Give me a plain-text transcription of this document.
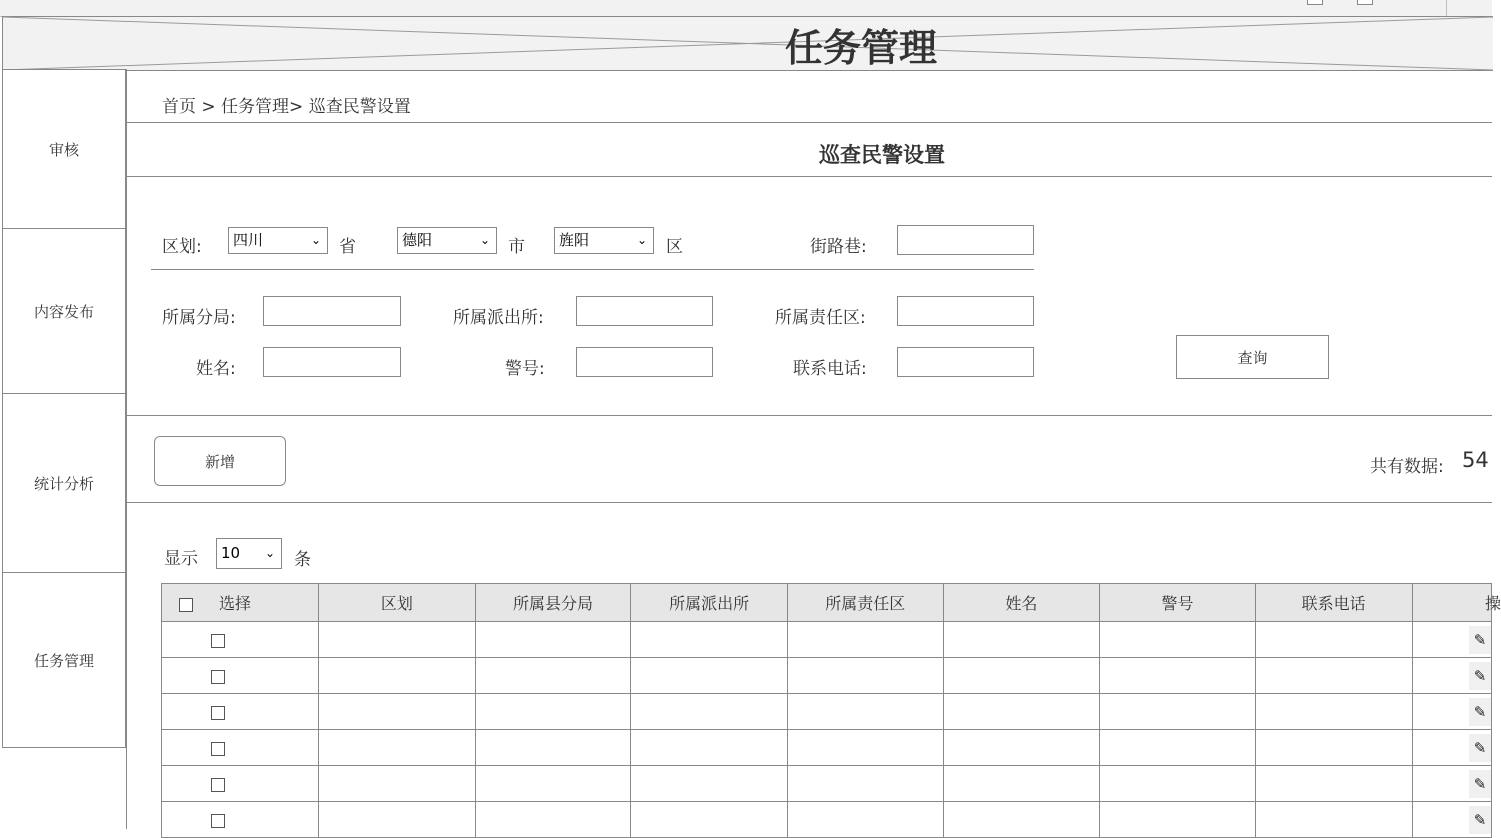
任务管理
审核
内容发布
统计分析
任务管理
首页 > 任务管理> 巡查民警设置
巡查民警设置
区划:	四川	⌄ 省	德阳	⌄ 市	旌阳	⌄ 区	街路巷:
所属分局:	所属派出所:	所属责任区:
姓名:	警号:	联系电话:
查询
新增	共有数据: 54
显示	10 ⌄ 条
选择	区划	所属县分局	所属派出所	所属责任区	姓名	警号	联系电话	操
								✎
								✎
								✎
								✎
								✎
								✎
